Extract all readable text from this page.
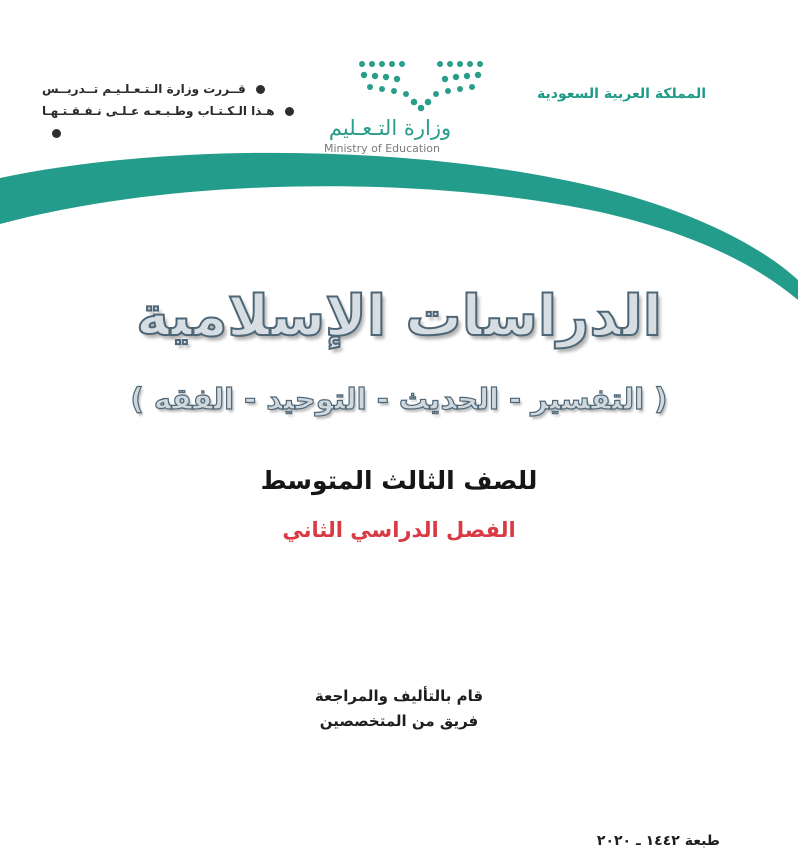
قــررت وزارة الـتـعـلـيـم تــدريــس
هـذا الـكـتـاب وطـبـعـه عـلـى نـفـقـتـهـا
وزارة التـعـليم
Ministry of Education
المملكة العربية السعودية
الدراسات الإسلامية
( التفسير - الحديث - التوحيد - الفقه )
للصف الثالث المتوسط
الفصل الدراسي الثاني
قام بالتأليف والمراجعة
فريق من المتخصصين
طبعة ١٤٤٢ ـ ٢٠٢٠
